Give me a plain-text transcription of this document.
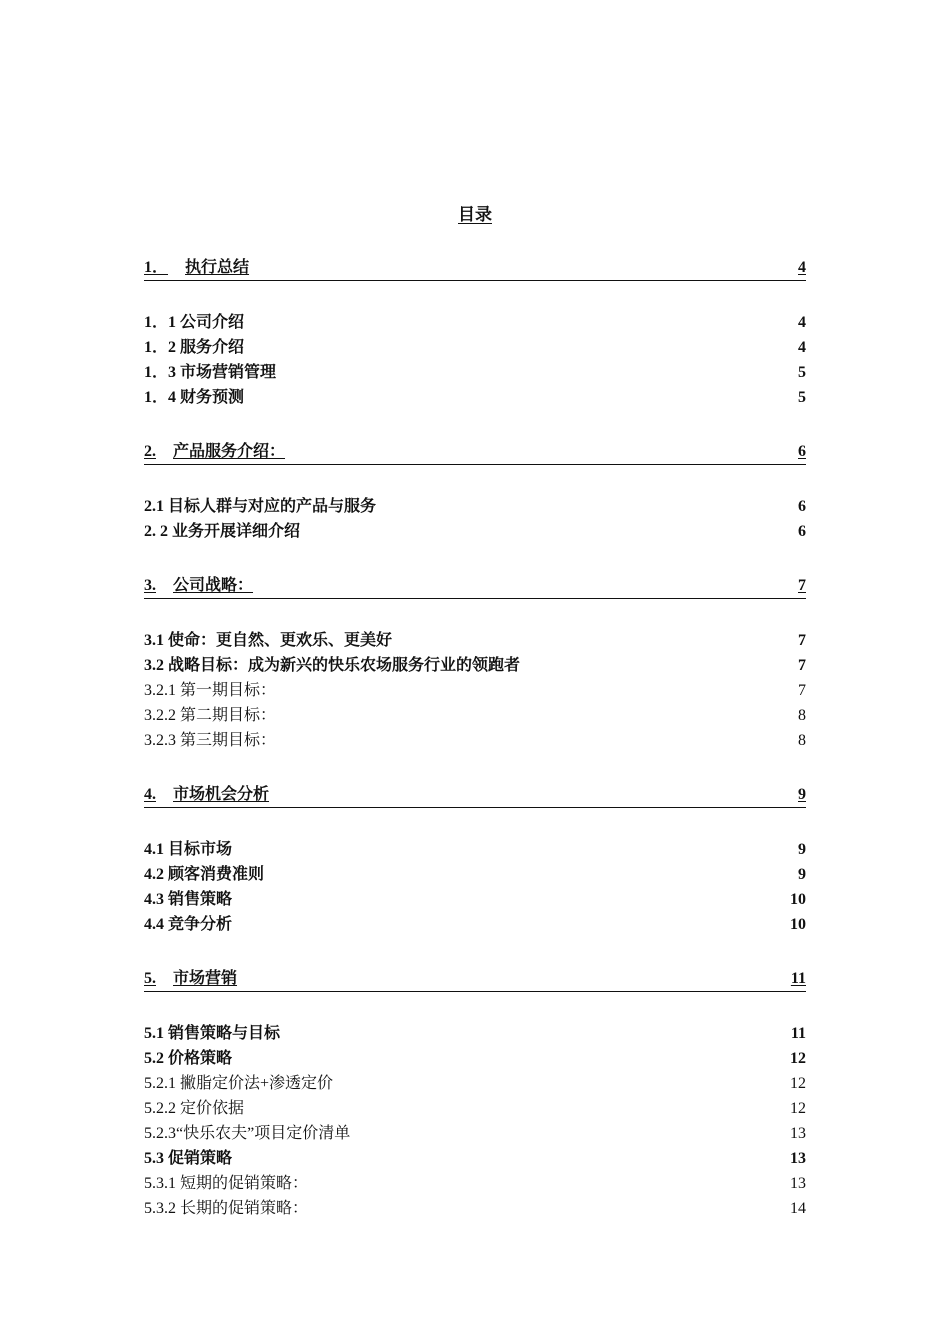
目录
1． 执行总结	4
1．1 公司介绍	4
1．2 服务介绍	4
1．3 市场营销管理	5
1．4 财务预测	5
2. 产品服务介绍：	6
2.1 目标人群与对应的产品与服务	6
2. 2 业务开展详细介绍	6
3. 公司战略：	7
3.1 使命：更自然、更欢乐、更美好	7
3.2 战略目标：成为新兴的快乐农场服务行业的领跑者	7
3.2.1 第一期目标：	7
3.2.2 第二期目标：	8
3.2.3 第三期目标：	8
4. 市场机会分析	9
4.1 目标市场	9
4.2 顾客消费准则	9
4.3 销售策略	10
4.4 竞争分析	10
5. 市场营销	11
5.1 销售策略与目标	11
5.2 价格策略	12
5.2.1 撇脂定价法+渗透定价	12
5.2.2 定价依据	12
5.2.3“快乐农夫”项目定价清单	13
5.3 促销策略	13
5.3.1 短期的促销策略：	13
5.3.2 长期的促销策略：	14
